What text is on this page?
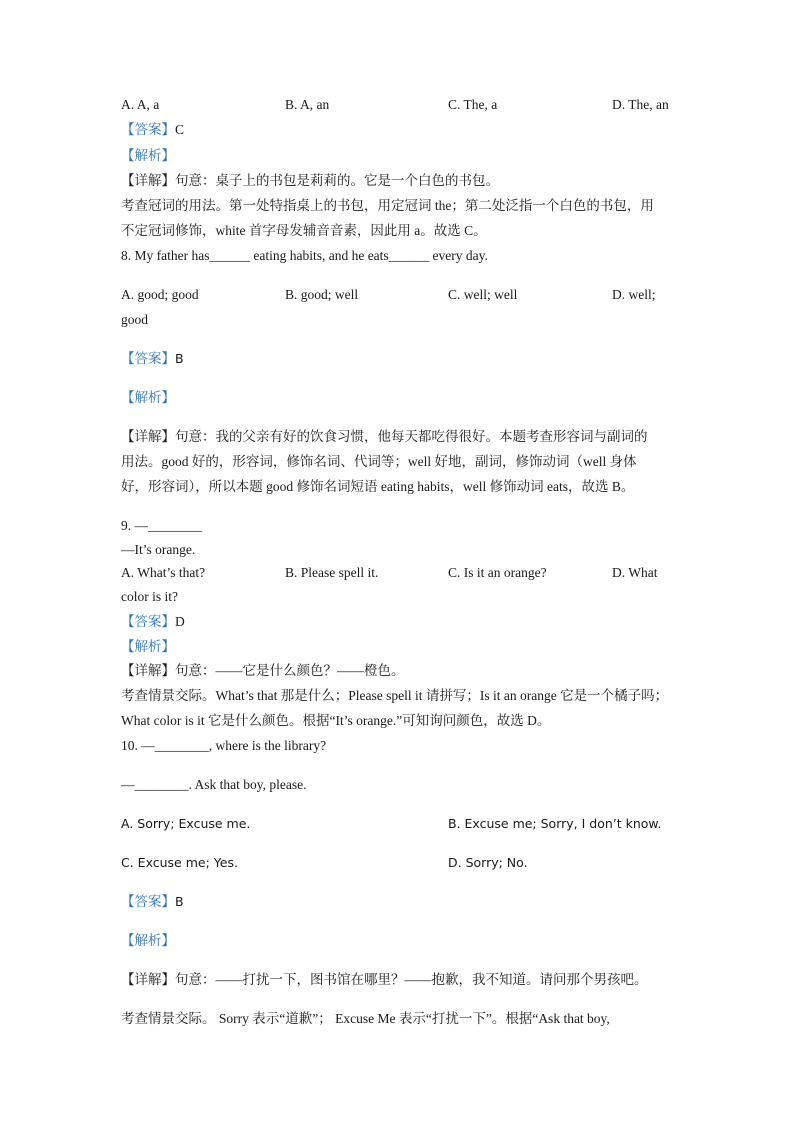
A. A, a	B. A, an	C. The, a	D. The, an
【答案】C
【解析】
【详解】句意：桌子上的书包是莉莉的。它是一个白色的书包。
考查冠词的用法。第一处特指桌上的书包，用定冠词 the；第二处泛指一个白色的书包，用
不定冠词修饰，white 首字母发辅音音素，因此用 a。故选 C。
8. My father has______ eating habits, and he eats______ every day.
A. good; good	B. good; well	C. well; well	D. well;
good
【答案】B
【解析】
【详解】句意：我的父亲有好的饮食习惯，他每天都吃得很好。本题考查形容词与副词的
用法。good 好的，形容词，修饰名词、代词等；well 好地，副词，修饰动词（well 身体
好，形容词），所以本题 good 修饰名词短语 eating habits，well 修饰动词 eats，故选 B。
9. —________
—It’s orange.
A. What’s that?	B. Please spell it.	C. Is it an orange?	D. What
color is it?
【答案】D
【解析】
【详解】句意：——它是什么颜色？——橙色。
考查情景交际。What’s that 那是什么；Please spell it 请拼写；Is it an orange 它是一个橘子吗；
What color is it 它是什么颜色。根据“It’s orange.”可知询问颜色，故选 D。
10. —________, where is the library?
—________. Ask that boy, please.
A. Sorry; Excuse me.	B. Excuse me; Sorry, I don’t know.
C. Excuse me; Yes.	D. Sorry; No.
【答案】B
【解析】
【详解】句意：——打扰一下，图书馆在哪里？——抱歉，我不知道。请问那个男孩吧。
考查情景交际。 Sorry 表示“道歉”； Excuse Me 表示“打扰一下”。根据“Ask that boy,
